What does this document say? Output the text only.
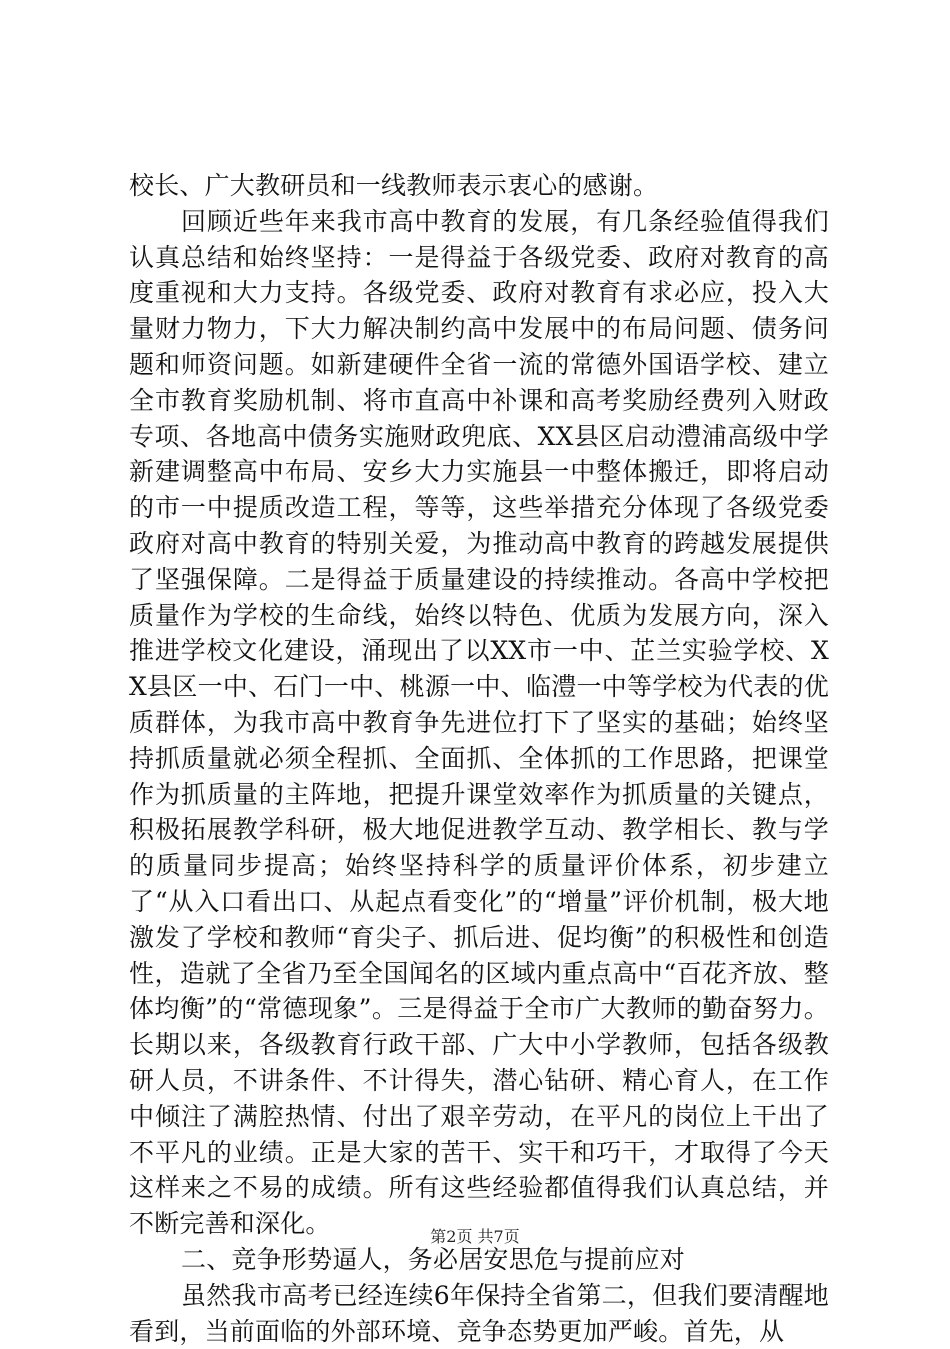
校长、广大教研员和一线教师表示衷心的感谢。

回顾近些年来我市高中教育的发展，有几条经验值得我们认真总结和始终坚持：一是得益于各级党委、政府对教育的高度重视和大力支持。各级党委、政府对教育有求必应，投入大量财力物力，下大力解决制约高中发展中的布局问题、债务问题和师资问题。如新建硬件全省一流的常德外国语学校、建立全市教育奖励机制、将市直高中补课和高考奖励经费列入财政专项、各地高中债务实施财政兜底、XX县区启动澧浦高级中学新建调整高中布局、安乡大力实施县一中整体搬迁，即将启动的市一中提质改造工程，等等，这些举措充分体现了各级党委政府对高中教育的特别关爱，为推动高中教育的跨越发展提供了坚强保障。二是得益于质量建设的持续推动。各高中学校把质量作为学校的生命线，始终以特色、优质为发展方向，深入推进学校文化建设，涌现出了以XX市一中、芷兰实验学校、XX县区一中、石门一中、桃源一中、临澧一中等学校为代表的优质群体，为我市高中教育争先进位打下了坚实的基础；始终坚持抓质量就必须全程抓、全面抓、全体抓的工作思路，把课堂作为抓质量的主阵地，把提升课堂效率作为抓质量的关键点，积极拓展教学科研，极大地促进教学互动、教学相长、教与学的质量同步提高；始终坚持科学的质量评价体系，初步建立了“从入口看出口、从起点看变化”的“增量”评价机制，极大地激发了学校和教师“育尖子、抓后进、促均衡”的积极性和创造性，造就了全省乃至全国闻名的区域内重点高中“百花齐放、整体均衡”的“常德现象”。三是得益于全市广大教师的勤奋努力。长期以来，各级教育行政干部、广大中小学教师，包括各级教研人员，不讲条件、不计得失，潜心钻研、精心育人，在工作中倾注了满腔热情、付出了艰辛劳动，在平凡的岗位上干出了不平凡的业绩。正是大家的苦干、实干和巧干，才取得了今天这样来之不易的成绩。所有这些经验都值得我们认真总结，并不断完善和深化。

二、竞争形势逼人，务必居安思危与提前应对

虽然我市高考已经连续6年保持全省第二，但我们要清醒地看到，当前面临的外部环境、竞争态势更加严峻。首先，从

第2页 共7页
